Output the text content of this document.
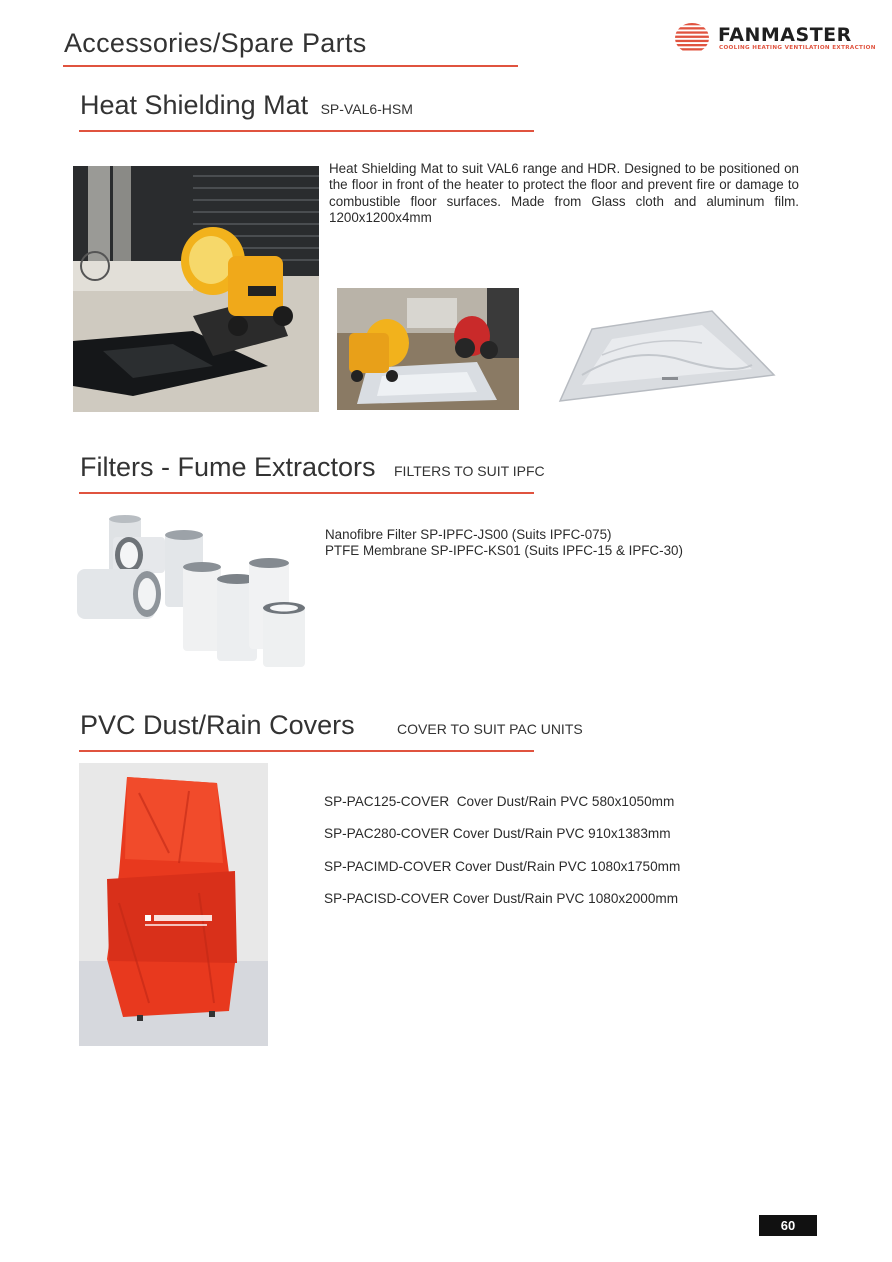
Accessories/Spare Parts	FANMASTER
COOLING HEATING VENTILATION EXTRACTION
Heat Shielding Mat SP-VAL6-HSM
Heat Shielding Mat to suit VAL6 range and HDR. Designed to be positioned on the floor in front of the heater to protect the floor and prevent fire or damage to combustible floor surfaces. Made from Glass cloth and aluminum film. 1200x1200x4mm
Filters - Fume Extractors FILTERS TO SUIT IPFC
Nanofibre Filter SP-IPFC-JS00 (Suits IPFC-075)
PTFE Membrane SP-IPFC-KS01 (Suits IPFC-15 & IPFC-30)
PVC Dust/Rain Covers	COVER TO SUIT PAC UNITS
SP-PAC125-COVER  Cover Dust/Rain PVC 580x1050mm
SP-PAC280-COVER Cover Dust/Rain PVC 910x1383mm
SP-PACIMD-COVER Cover Dust/Rain PVC 1080x1750mm
SP-PACISD-COVER Cover Dust/Rain PVC 1080x2000mm
60
